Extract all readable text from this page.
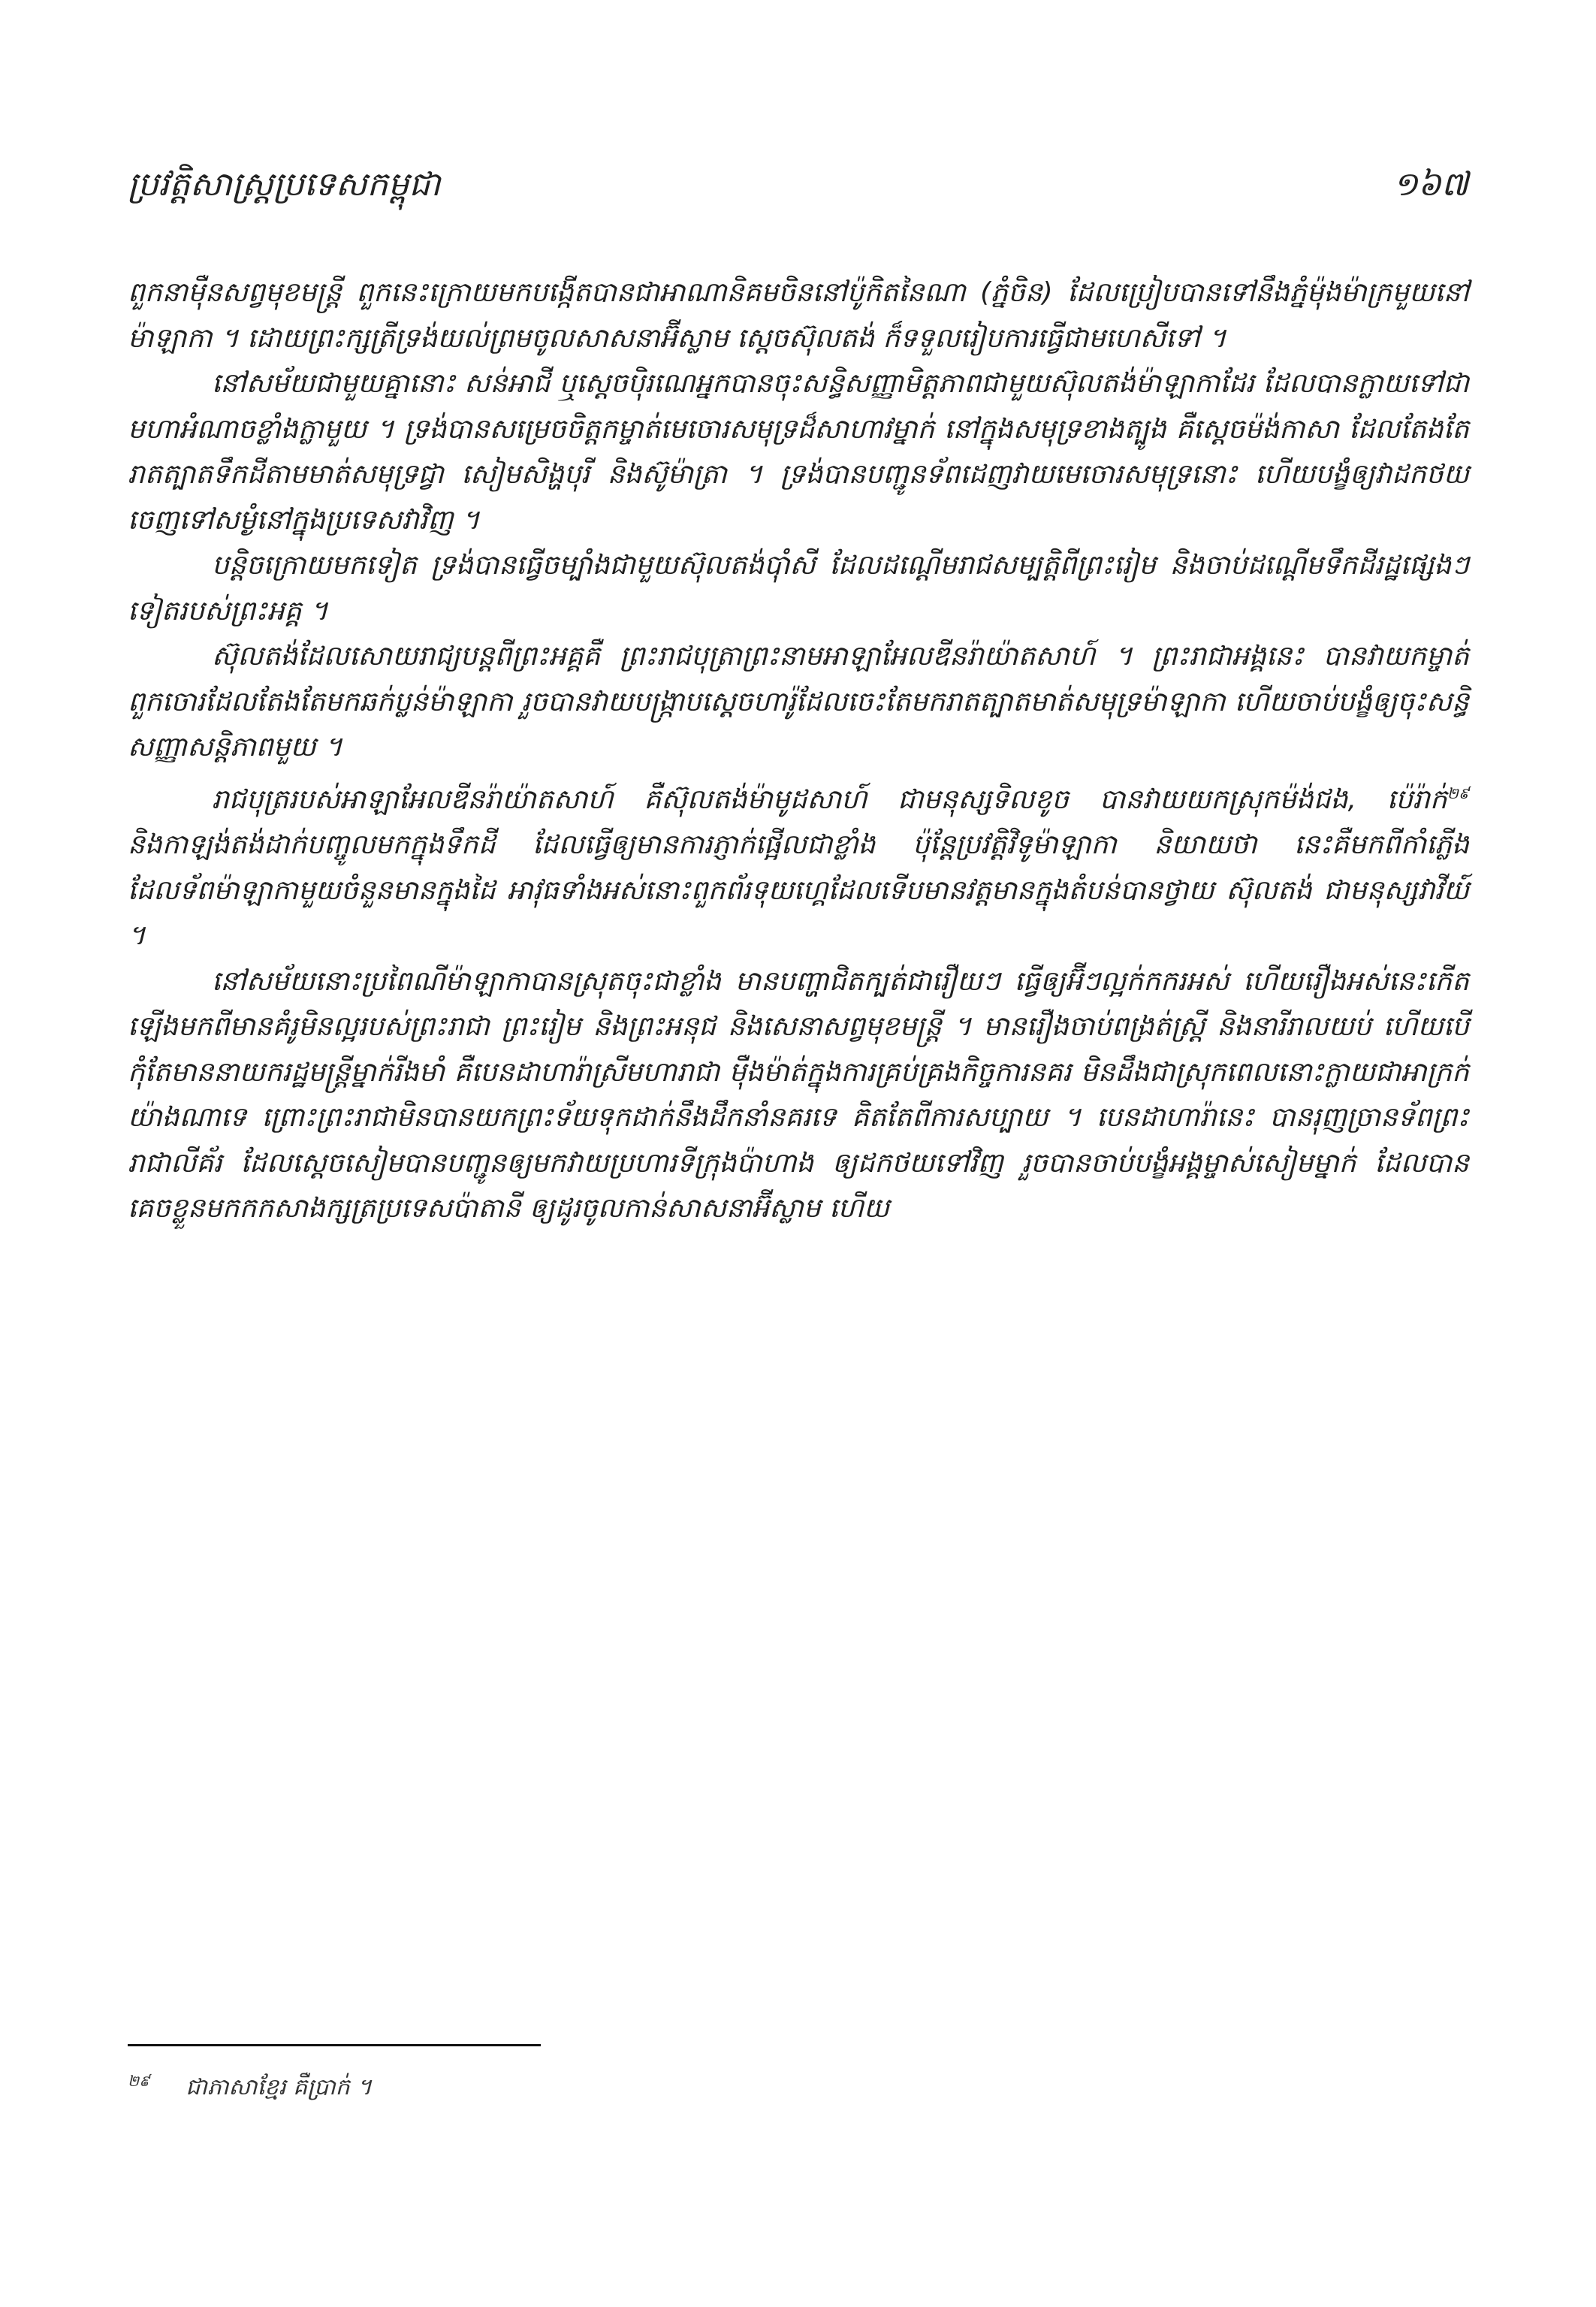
ប្រវត្តិសាស្ត្រប្រទេសកម្ពុជា	១៦៧

ពួកនាម៉ឺនសព្វមុខមន្ត្រី ពួកនេះក្រោយមកបង្កើតបានជាអាណានិគមចិននៅប៉ូកិតនៃណា (ភ្នំចិន) ដែលប្រៀបបានទៅនឹងភ្នំម៉ុងម៉ាក្រមួយនៅម៉ាឡាកា ។ ដោយព្រះក្សត្រីទ្រង់យល់ព្រមចូលសាសនាអ៊ីស្លាម ស្តេចស៊ុលតង់ ក៏ទទួលរៀបការធ្វើជាមហេសីទៅ ។

នៅសម័យជាមួយគ្នានោះ សន់អាជី ឬស្តេចប៉ិរណេអ្នកបានចុះសន្ធិសញ្ញាមិត្តភាពជាមួយស៊ុលតង់ម៉ាឡាកាដែរ ដែលបានក្លាយទៅជាមហាអំណាចខ្លាំងក្លាមួយ ។ ទ្រង់បានសម្រេចចិត្តកម្ចាត់មេចោរសមុទ្រដ៏សាហាវម្នាក់ នៅក្នុងសមុទ្រខាងត្បូង គឺស្តេចម៉ង់កាសា ដែលតែងតែរាតត្បាតទឹកដីតាមមាត់សមុទ្រជ្វា សៀមសិង្ហបុរី និងស៊ូម៉ាត្រា ។ ទ្រង់បានបញ្ជូនទ័ពដេញវាយមេចោរសមុទ្រនោះ ហើយបង្ខំឲ្យវាដកថយចេញទៅសម្ងំនៅក្នុងប្រទេសវាវិញ ។

បន្តិចក្រោយមកទៀត ទ្រង់បានធ្វើចម្បាំងជាមួយស៊ុលតង់ប៉ាំសី ដែលដណ្តើមរាជសម្បត្តិពីព្រះរៀម និងចាប់ដណ្តើមទឹកដីរដ្ឋផ្សេងៗទៀតរបស់ព្រះអគ្គ ។

ស៊ុលតង់ដែលសោយរាជ្យបន្តពីព្រះអគ្គគឺ ព្រះរាជបុត្រាព្រះនាមអាឡាអែលឌីនរ៉ាយ៉ាតសាហ៍ ។ ព្រះរាជាអង្គនេះ បានវាយកម្ចាត់ពួកចោរដែលតែងតែមកឆក់ប្លន់ម៉ាឡាកា រួចបានវាយបង្ក្រាបស្តេចហារ៉ូដែលចេះតែមករាតត្បាតមាត់សមុទ្រម៉ាឡាកា ហើយចាប់បង្ខំឲ្យចុះសន្ធិសញ្ញាសន្តិភាពមួយ ។

រាជបុត្ររបស់អាឡាអែលឌីនរ៉ាយ៉ាតសាហ៍ គឺស៊ុលតង់ម៉ាមូដសាហ៍ ជាមនុស្សទិលខូច បានវាយយកស្រុកម៉ង់ជង, ប៉េរ៉ាក់$^{២៩}$ និងកាឡង់តង់ដាក់បញ្ចូលមកក្នុងទឹកដី ដែលធ្វើឲ្យមានការភ្ញាក់ផ្អើលជាខ្លាំង ប៉ុន្តែប្រវត្តិវិទូម៉ាឡាកា និយាយថា នេះគឺមកពីកាំភ្លើងដែលទ័ពម៉ាឡាកាមួយចំនួនមានក្នុងដៃ អាវុធទាំងអស់នោះពួកព័រទុយហ្គេដែលទើបមានវត្តមានក្នុងតំបន់បានថ្វាយ ស៊ុលតង់ ជាមនុស្សវាវីយ៍ ។

នៅសម័យនោះប្រពៃណីម៉ាឡាកាបានស្រុតចុះជាខ្លាំង មានបញ្ហាជិតក្បត់ជារឿយៗ ធ្វើឲ្យអ៊ីៗល្អក់កករអស់ ហើយរឿងអស់នេះកើតឡើងមកពីមានគំរូមិនល្អរបស់ព្រះរាជា ព្រះរៀម និងព្រះអនុជ និងសេនាសព្វមុខមន្ត្រី ។ មានរឿងចាប់ពង្រត់ស្ត្រី និងនារីរាលយប់ ហើយបើកុំតែមាននាយករដ្ឋមន្ត្រីម្នាក់រីងមាំ គឺបេនដាហារ៉ាស្រីមហារាជា ម៉ឺងម៉ាត់ក្នុងការគ្រប់គ្រងកិច្ចការនគរ មិនដឹងជាស្រុកពេលនោះក្លាយជាអាក្រក់យ៉ាងណាទេ ព្រោះព្រះរាជាមិនបានយកព្រះទ័យទុកដាក់នឹងដឹកនាំនគរទេ គិតតែពីការសប្បាយ ។ បេនដាហារ៉ានេះ បានរុញច្រានទ័ពព្រះរាជាលីគ័រ ដែលស្តេចសៀមបានបញ្ជូនឲ្យមកវាយប្រហារទីក្រុងប៉ាហាង ឲ្យដកថយទៅវិញ រួចបានចាប់បង្ខំអង្គម្ចាស់សៀមម្នាក់ ដែលបានគេចខ្លួនមកកកសាងក្សត្រប្រទេសប៉ាតានី ឲ្យដូរចូលកាន់សាសនាអ៊ីស្លាម ហើយ

$^{២៩}$ ជាភាសាខ្មែរ គឺប្រាក់ ។
